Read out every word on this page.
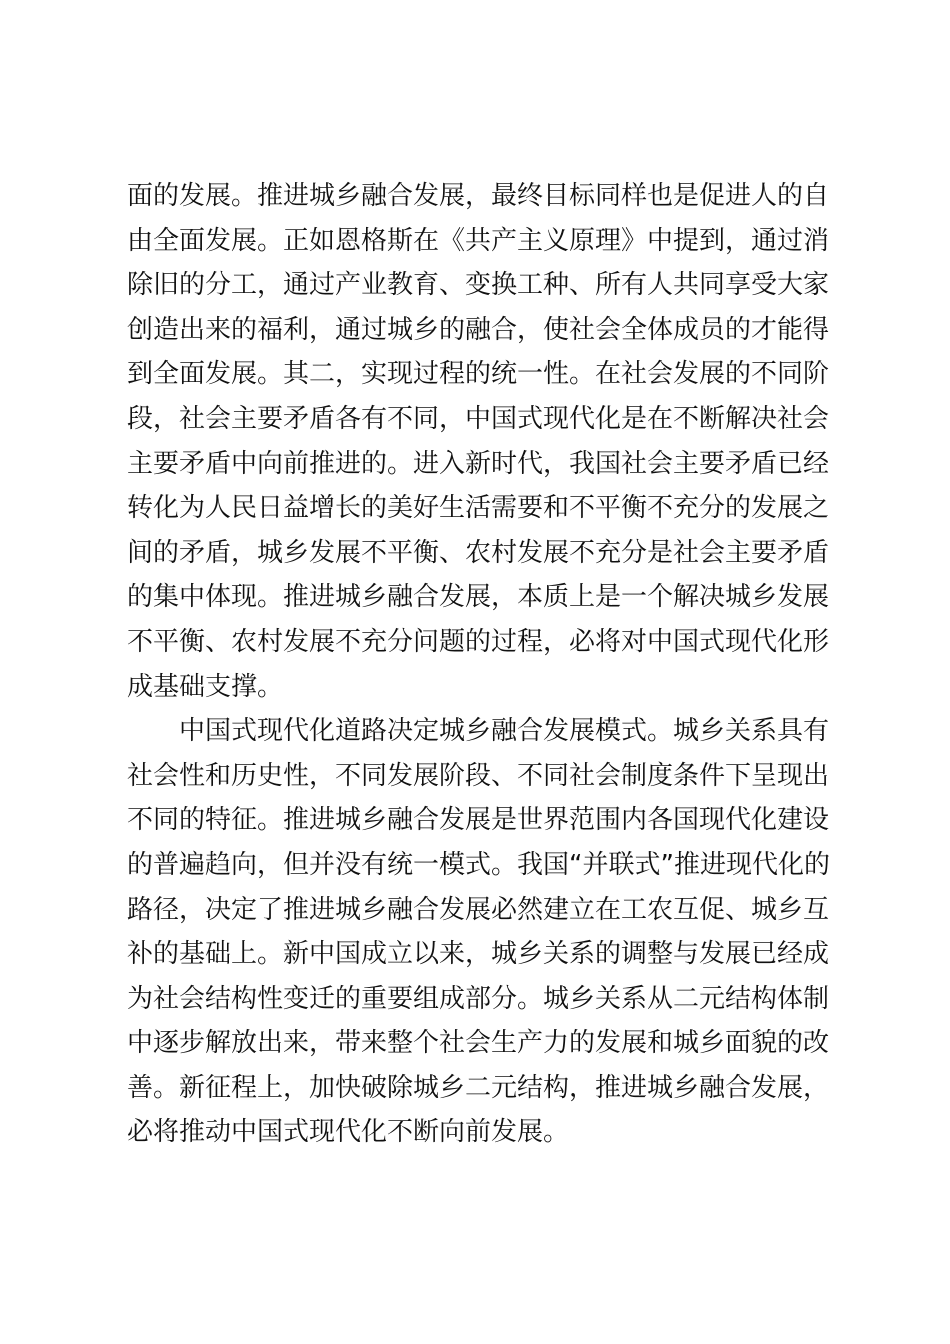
面的发展。推进城乡融合发展，最终目标同样也是促进人的自
由全面发展。正如恩格斯在《共产主义原理》中提到，通过消
除旧的分工，通过产业教育、变换工种、所有人共同享受大家
创造出来的福利，通过城乡的融合，使社会全体成员的才能得
到全面发展。其二，实现过程的统一性。在社会发展的不同阶
段，社会主要矛盾各有不同，中国式现代化是在不断解决社会
主要矛盾中向前推进的。进入新时代，我国社会主要矛盾已经
转化为人民日益增长的美好生活需要和不平衡不充分的发展之
间的矛盾，城乡发展不平衡、农村发展不充分是社会主要矛盾
的集中体现。推进城乡融合发展，本质上是一个解决城乡发展
不平衡、农村发展不充分问题的过程，必将对中国式现代化形
成基础支撑。
中国式现代化道路决定城乡融合发展模式。城乡关系具有
社会性和历史性，不同发展阶段、不同社会制度条件下呈现出
不同的特征。推进城乡融合发展是世界范围内各国现代化建设
的普遍趋向，但并没有统一模式。我国“并联式”推进现代化的
路径，决定了推进城乡融合发展必然建立在工农互促、城乡互
补的基础上。新中国成立以来，城乡关系的调整与发展已经成
为社会结构性变迁的重要组成部分。城乡关系从二元结构体制
中逐步解放出来，带来整个社会生产力的发展和城乡面貌的改
善。新征程上，加快破除城乡二元结构，推进城乡融合发展，
必将推动中国式现代化不断向前发展。
